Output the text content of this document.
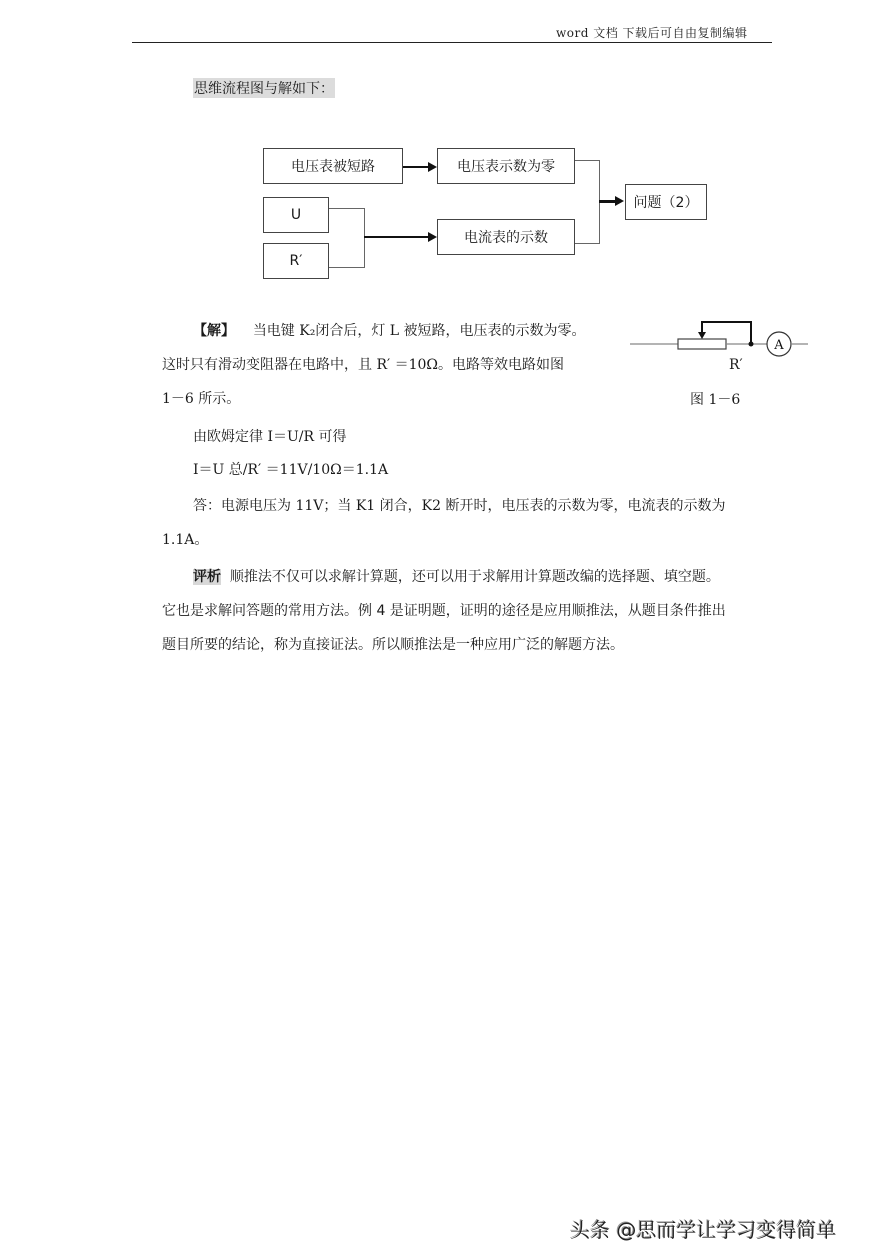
word 文档 下载后可自由复制编辑
思维流程图与解如下：
电压表被短路	电压表示数为零
U
R′
电流表的示数
问题（2）
【解】 当电键 K₂闭合后，灯 L 被短路，电压表的示数为零。
这时只有滑动变阻器在电路中，且 R′ ＝10Ω。电路等效电路如图
1－6 所示。
由欧姆定律 I＝U/R 可得
I＝U 总/R′ ＝11V/10Ω＝1.1A
答：电源电压为 11V；当 K1 闭合，K2 断开时，电压表的示数为零，电流表的示数为
1.1A。
A
R′
图 1－6
评析 顺推法不仅可以求解计算题，还可以用于求解用计算题改编的选择题、填空题。
它也是求解问答题的常用方法。例 4 是证明题，证明的途径是应用顺推法，从题目条件推出
题目所要的结论，称为直接证法。所以顺推法是一种应用广泛的解题方法。
头条 @思而学让学习变得简单
